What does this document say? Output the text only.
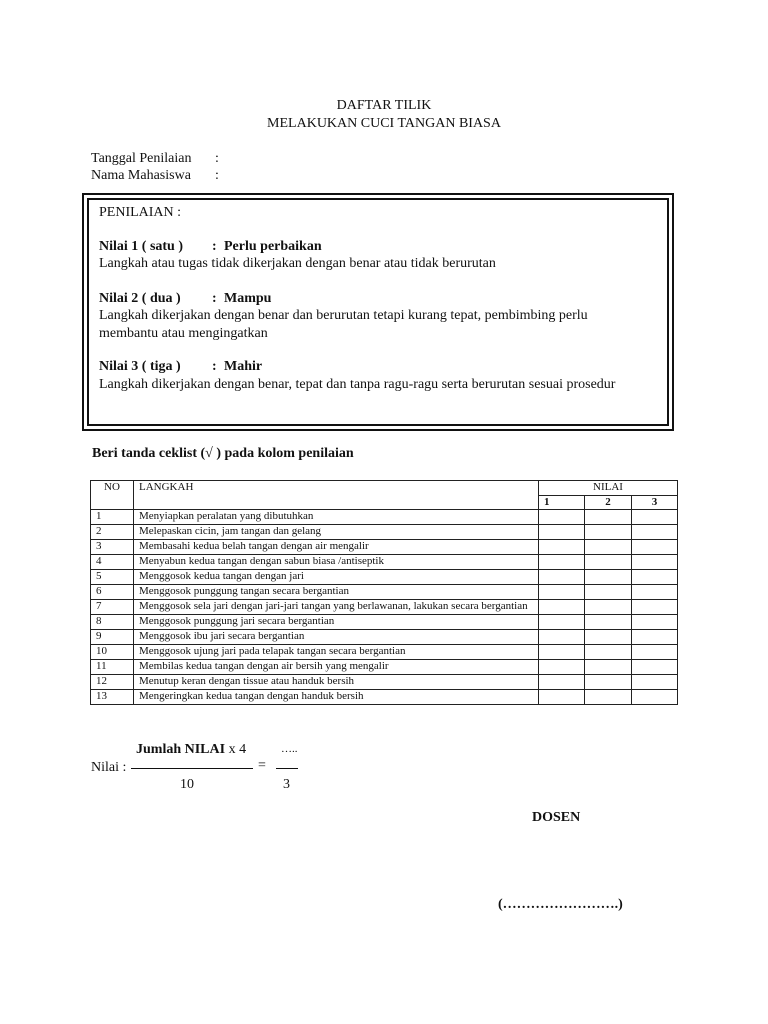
DAFTAR TILIK
MELAKUKAN CUCI TANGAN BIASA
Tanggal Penilaian :
Nama Mahasiswa :
PENILAIAN :
Nilai 1 ( satu ) : Perlu perbaikan
Langkah atau tugas tidak dikerjakan dengan benar atau tidak berurutan
Nilai 2 ( dua ) : Mampu
Langkah dikerjakan dengan benar dan berurutan tetapi kurang tepat, pembimbing perlu
membantu atau mengingatkan
Nilai 3 ( tiga ) : Mahir
Langkah dikerjakan dengan benar, tepat dan tanpa ragu-ragu serta berurutan sesuai prosedur
Beri tanda ceklist (√ ) pada kolom penilaian
NO	LANGKAH	NILAI		
		1	2	3
1	Menyiapkan peralatan yang dibutuhkan			
2	Melepaskan cicin, jam tangan dan gelang			
3	Membasahi kedua belah tangan dengan air mengalir			
4	Menyabun kedua tangan dengan sabun biasa /antiseptik			
5	Menggosok kedua tangan dengan jari			
6	Menggosok punggung tangan secara bergantian			
7	Menggosok sela jari dengan jari-jari tangan yang berlawanan, lakukan secara bergantian			
8	Menggosok punggung jari secara bergantian			
9	Menggosok ibu jari secara bergantian			
10	Menggosok ujung jari pada telapak tangan secara bergantian			
11	Membilas kedua tangan dengan air bersih yang mengalir			
12	Menutup keran dengan tissue atau handuk bersih			
13	Mengeringkan kedua tangan dengan handuk bersih			
Nilai :
Jumlah NILAI x 4
10
=
…..
3
DOSEN
(…………………….)
